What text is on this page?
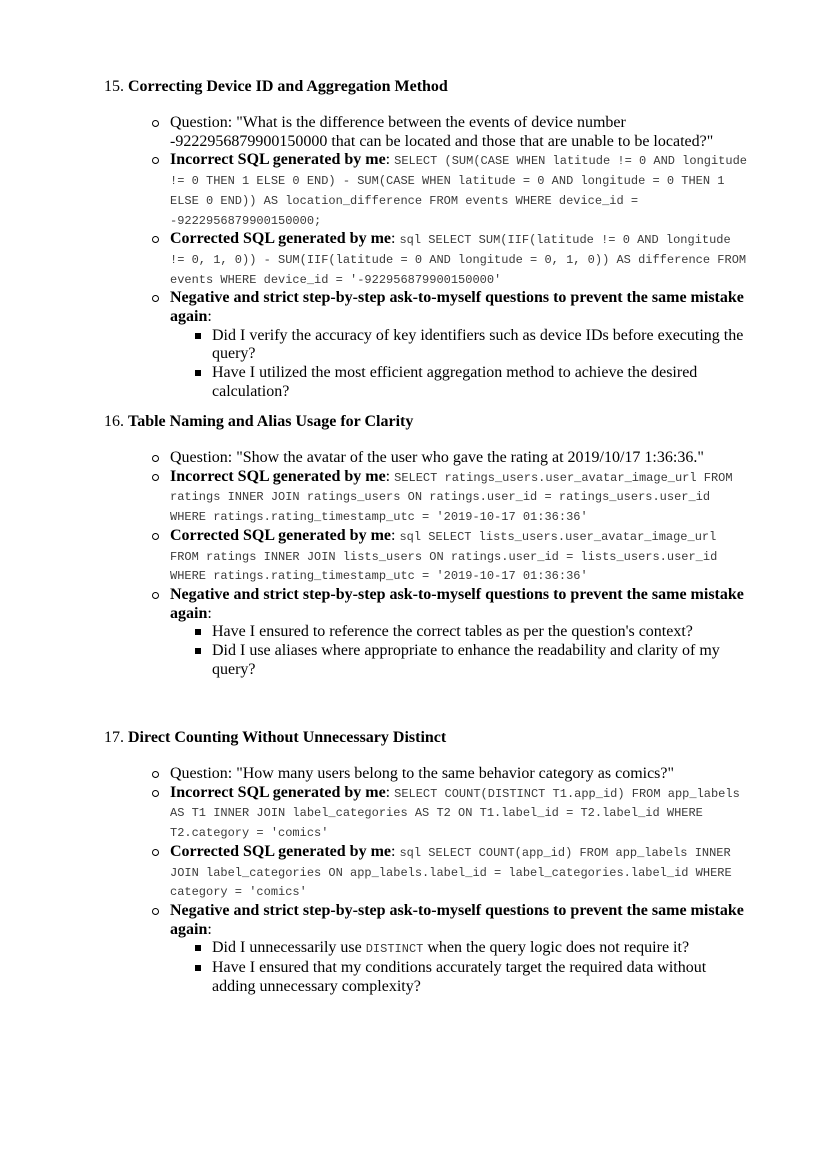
15. Correcting Device ID and Aggregation Method

Question: "What is the difference between the events of device number -9222956879900150000 that can be located and those that are unable to be located?"
Incorrect SQL generated by me: SELECT (SUM(CASE WHEN latitude != 0 AND longitude != 0 THEN 1 ELSE 0 END) - SUM(CASE WHEN latitude = 0 AND longitude = 0 THEN 1 ELSE 0 END)) AS location_difference FROM events WHERE device_id = -9222956879900150000;
Corrected SQL generated by me: sql SELECT SUM(IIF(latitude != 0 AND longitude != 0, 1, 0)) - SUM(IIF(latitude = 0 AND longitude = 0, 1, 0)) AS difference FROM events WHERE device_id = '-922956879900150000'
Negative and strict step-by-step ask-to-myself questions to prevent the same mistake again:
Did I verify the accuracy of key identifiers such as device IDs before executing the query?
Have I utilized the most efficient aggregation method to achieve the desired calculation?

16. Table Naming and Alias Usage for Clarity

Question: "Show the avatar of the user who gave the rating at 2019/10/17 1:36:36."
Incorrect SQL generated by me: SELECT ratings_users.user_avatar_image_url FROM ratings INNER JOIN ratings_users ON ratings.user_id = ratings_users.user_id WHERE ratings.rating_timestamp_utc = '2019-10-17 01:36:36'
Corrected SQL generated by me: sql SELECT lists_users.user_avatar_image_url FROM ratings INNER JOIN lists_users ON ratings.user_id = lists_users.user_id WHERE ratings.rating_timestamp_utc = '2019-10-17 01:36:36'
Negative and strict step-by-step ask-to-myself questions to prevent the same mistake again:
Have I ensured to reference the correct tables as per the question's context?
Did I use aliases where appropriate to enhance the readability and clarity of my query?

17. Direct Counting Without Unnecessary Distinct

Question: "How many users belong to the same behavior category as comics?"
Incorrect SQL generated by me: SELECT COUNT(DISTINCT T1.app_id) FROM app_labels AS T1 INNER JOIN label_categories AS T2 ON T1.label_id = T2.label_id WHERE T2.category = 'comics'
Corrected SQL generated by me: sql SELECT COUNT(app_id) FROM app_labels INNER JOIN label_categories ON app_labels.label_id = label_categories.label_id WHERE category = 'comics'
Negative and strict step-by-step ask-to-myself questions to prevent the same mistake again:
Did I unnecessarily use DISTINCT when the query logic does not require it?
Have I ensured that my conditions accurately target the required data without adding unnecessary complexity?
